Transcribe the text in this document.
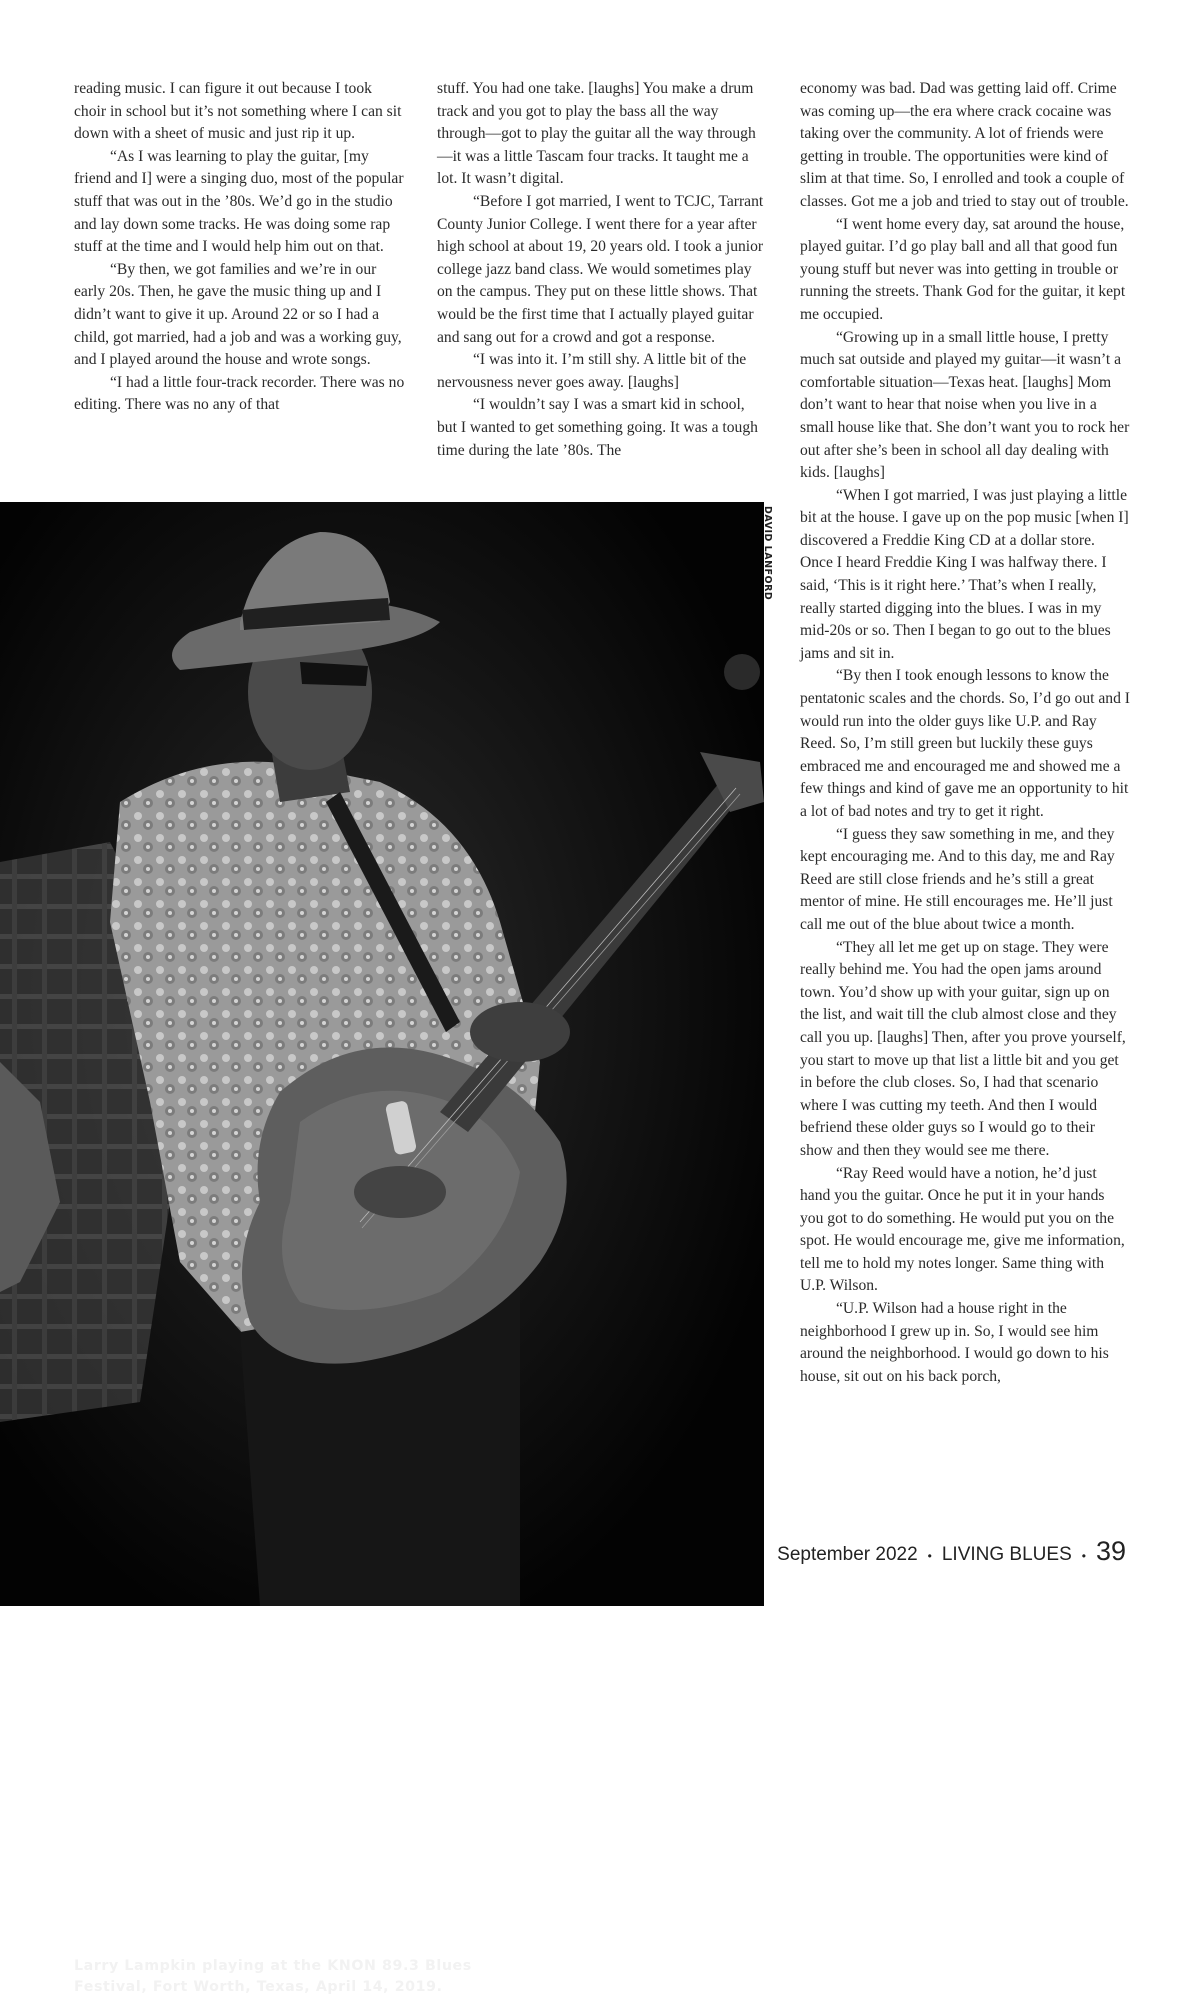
reading music. I can figure it out because I took choir in school but it’s not something where I can sit down with a sheet of music and just rip it up.

“As I was learning to play the guitar, [my friend and I] were a singing duo, most of the popular stuff that was out in the ’80s. We’d go in the studio and lay down some tracks. He was doing some rap stuff at the time and I would help him out on that.

“By then, we got families and we’re in our early 20s. Then, he gave the music thing up and I didn’t want to give it up. Around 22 or so I had a child, got married, had a job and was a working guy, and I played around the house and wrote songs.

“I had a little four-track recorder. There was no editing. There was no any of that

stuff. You had one take. [laughs] You make a drum track and you got to play the bass all the way through—got to play the guitar all the way through—it was a little Tascam four tracks. It taught me a lot. It wasn’t digital.

“Before I got married, I went to TCJC, Tarrant County Junior College. I went there for a year after high school at about 19, 20 years old. I took a junior college jazz band class. We would sometimes play on the campus. They put on these little shows. That would be the first time that I actually played guitar and sang out for a crowd and got a response.

“I was into it. I’m still shy. A little bit of the nervousness never goes away. [laughs]

“I wouldn’t say I was a smart kid in school, but I wanted to get something going. It was a tough time during the late ’80s. The

economy was bad. Dad was getting laid off. Crime was coming up—the era where crack cocaine was taking over the community. A lot of friends were getting in trouble. The opportunities were kind of slim at that time. So, I enrolled and took a couple of classes. Got me a job and tried to stay out of trouble.

“I went home every day, sat around the house, played guitar. I’d go play ball and all that good fun young stuff but never was into getting in trouble or running the streets. Thank God for the guitar, it kept me occupied.

“Growing up in a small little house, I pretty much sat outside and played my guitar—it wasn’t a comfortable situation—Texas heat. [laughs] Mom don’t want to hear that noise when you live in a small house like that. She don’t want you to rock her out after she’s been in school all day dealing with kids. [laughs]

“When I got married, I was just playing a little bit at the house. I gave up on the pop music [when I] discovered a Freddie King CD at a dollar store. Once I heard Freddie King I was halfway there. I said, ‘This is it right here.’ That’s when I really, really started digging into the blues. I was in my mid-20s or so. Then I began to go out to the blues jams and sit in.

“By then I took enough lessons to know the pentatonic scales and the chords. So, I’d go out and I would run into the older guys like U.P. and Ray Reed. So, I’m still green but luckily these guys embraced me and encouraged me and showed me a few things and kind of gave me an opportunity to hit a lot of bad notes and try to get it right.

“I guess they saw something in me, and they kept encouraging me. And to this day, me and Ray Reed are still close friends and he’s still a great mentor of mine. He still encourages me. He’ll just call me out of the blue about twice a month.

“They all let me get up on stage. They were really behind me. You had the open jams around town. You’d show up with your guitar, sign up on the list, and wait till the club almost close and they call you up. [laughs] Then, after you prove yourself, you start to move up that list a little bit and you get in before the club closes. So, I had that scenario where I was cutting my teeth. And then I would befriend these older guys so I would go to their show and then they would see me there.

“Ray Reed would have a notion, he’d just hand you the guitar. Once he put it in your hands you got to do something. He would put you on the spot. He would encourage me, give me information, tell me to hold my notes longer. Same thing with U.P. Wilson.

“U.P. Wilson had a house right in the neighborhood I grew up in. So, I would see him around the neighborhood. I would go down to his house, sit out on his back porch,

Larry Lampkin playing at the KNON 89.3 Blues Festival, Fort Worth, Texas, April 14, 2019.
DAVID LANFORD
September 2022 • LIVING BLUES • 39
